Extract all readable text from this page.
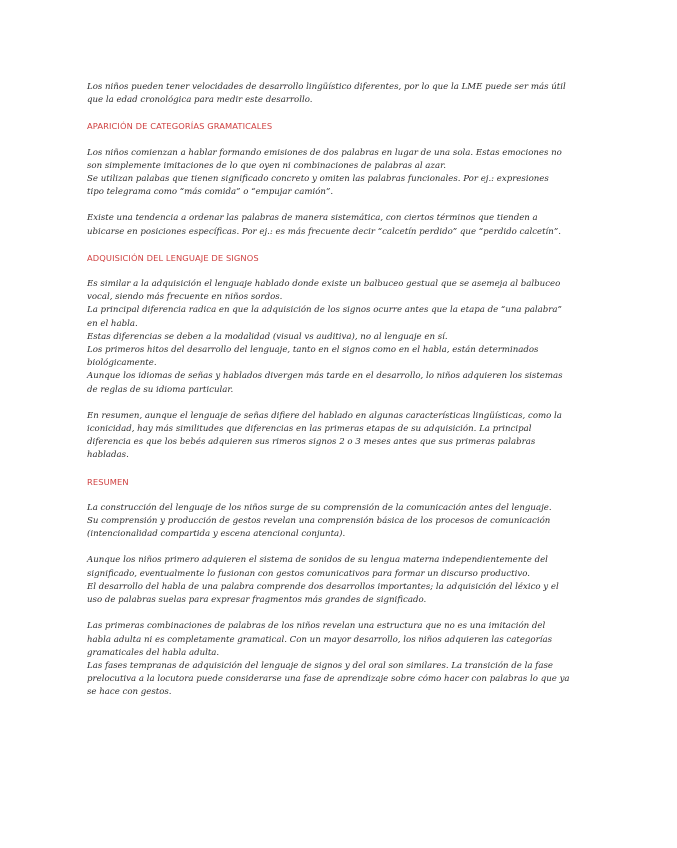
Los niños pueden tener velocidades de desarrollo lingüístico diferentes, por lo que la LME puede ser más útil
que la edad cronológica para medir este desarrollo.
APARICIÓN DE CATEGORÍAS GRAMATICALES
Los niños comienzan a hablar formando emisiones de dos palabras en lugar de una sola. Estas emociones no
son simplemente imitaciones de lo que oyen ni combinaciones de palabras al azar.
Se utilizan palabas que tienen significado concreto y omiten las palabras funcionales. Por ej.: expresiones
tipo telegrama como “más comida” o “empujar camión”.
Existe una tendencia a ordenar las palabras de manera sistemática, con ciertos términos que tienden a
ubicarse en posiciones específicas. Por ej.: es más frecuente decir “calcetín perdido” que “perdido calcetín”.
ADQUISICIÓN DEL LENGUAJE DE SIGNOS
Es similar a la adquisición el lenguaje hablado donde existe un balbuceo gestual que se asemeja al balbuceo
vocal, siendo más frecuente en niños sordos.
La principal diferencia radica en que la adquisición de los signos ocurre antes que la etapa de “una palabra”
en el habla.
Estas diferencias se deben a la modalidad (visual vs auditiva), no al lenguaje en sí.
Los primeros hitos del desarrollo del lenguaje, tanto en el signos como en el habla, están determinados
biológicamente.
Aunque los idiomas de señas y hablados divergen más tarde en el desarrollo, lo niños adquieren los sistemas
de reglas de su idioma particular.
En resumen, aunque el lenguaje de señas difiere del hablado en algunas características lingüísticas, como la
iconicidad, hay más similitudes que diferencias en las primeras etapas de su adquisición. La principal
diferencia es que los bebés adquieren sus rimeros signos 2 o 3 meses antes que sus primeras palabras
habladas.
RESUMEN
La construcción del lenguaje de los niños surge de su comprensión de la comunicación antes del lenguaje.
Su comprensión y producción de gestos revelan una comprensión básica de los procesos de comunicación
(intencionalidad compartida y escena atencional conjunta).
Aunque los niños primero adquieren el sistema de sonidos de su lengua materna independientemente del
significado, eventualmente lo fusionan con gestos comunicativos para formar un discurso productivo.
El desarrollo del habla de una palabra comprende dos desarrollos importantes; la adquisición del léxico y el
uso de palabras suelas para expresar fragmentos más grandes de significado.
Las primeras combinaciones de palabras de los niños revelan una estructura que no es una imitación del
habla adulta ni es completamente gramatical. Con un mayor desarrollo, los niños adquieren las categorías
gramaticales del habla adulta.
Las fases tempranas de adquisición del lenguaje de signos y del oral son similares. La transición de la fase
prelocutiva a la locutora puede considerarse una fase de aprendizaje sobre cómo hacer con palabras lo que ya
se hace con gestos.
